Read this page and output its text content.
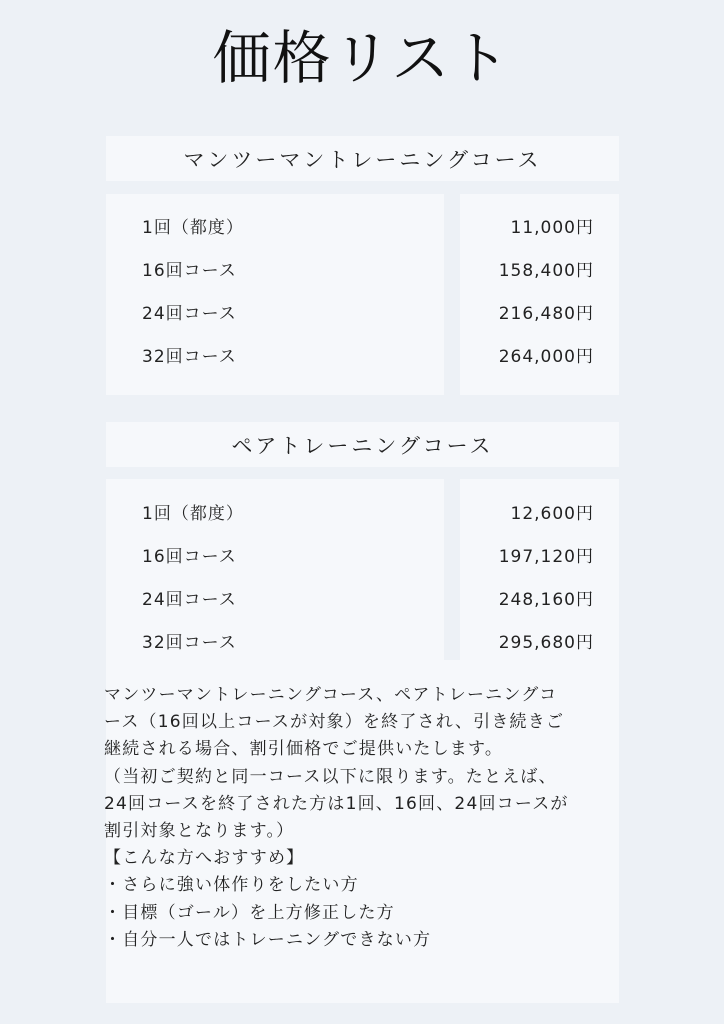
価格リスト
マンツーマントレーニングコース
1回（都度）
16回コース
24回コース
32回コース
11,000円
158,400円
216,480円
264,000円
ペアトレーニングコース
1回（都度）
16回コース
24回コース
32回コース
12,600円
197,120円
248,160円
295,680円
マンツーマントレーニングコース、ペアトレーニングコ
ース（16回以上コースが対象）を終了され、引き続きご
継続される場合、割引価格でご提供いたします。
（当初ご契約と同一コース以下に限ります。たとえば、
24回コースを終了された方は1回、16回、24回コースが
割引対象となります。）
【こんな方へおすすめ】
・さらに強い体作りをしたい方
・目標（ゴール）を上方修正した方
・自分一人ではトレーニングできない方
